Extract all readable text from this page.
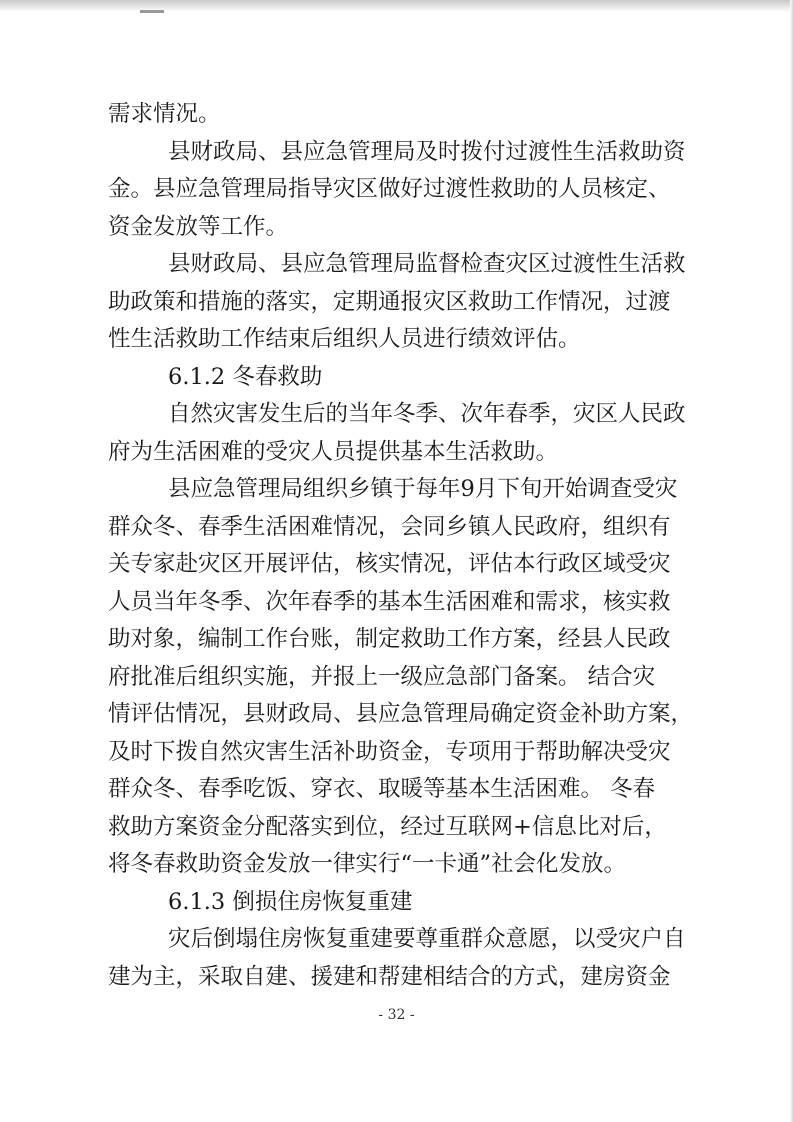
需求情况。
县财政局、县应急管理局及时拨付过渡性生活救助资
金。县应急管理局指导灾区做好过渡性救助的人员核定、
资金发放等工作。
县财政局、县应急管理局监督检查灾区过渡性生活救
助政策和措施的落实，定期通报灾区救助工作情况，过渡
性生活救助工作结束后组织人员进行绩效评估。
6.1.2 冬春救助
自然灾害发生后的当年冬季、次年春季，灾区人民政
府为生活困难的受灾人员提供基本生活救助。
县应急管理局组织乡镇于每年9月下旬开始调查受灾
群众冬、春季生活困难情况，会同乡镇人民政府，组织有
关专家赴灾区开展评估，核实情况，评估本行政区域受灾
人员当年冬季、次年春季的基本生活困难和需求，核实救
助对象，编制工作台账，制定救助工作方案，经县人民政
府批准后组织实施，并报上一级应急部门备案。 结合灾
情评估情况，县财政局、县应急管理局确定资金补助方案，
及时下拨自然灾害生活补助资金，专项用于帮助解决受灾
群众冬、春季吃饭、穿衣、取暖等基本生活困难。 冬春
救助方案资金分配落实到位，经过互联网+信息比对后，
将冬春救助资金发放一律实行“一卡通”社会化发放。
6.1.3 倒损住房恢复重建
灾后倒塌住房恢复重建要尊重群众意愿，以受灾户自
建为主，采取自建、援建和帮建相结合的方式，建房资金
- 32 -
